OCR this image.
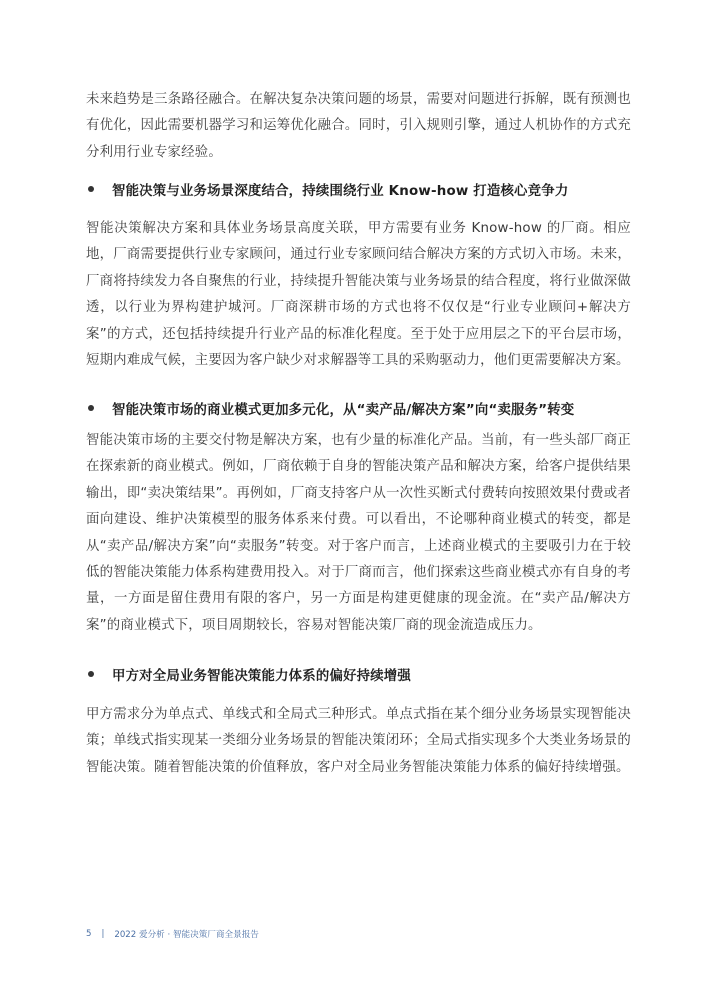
未来趋势是三条路径融合。在解决复杂决策问题的场景，需要对问题进行拆解，既有预测也有优化，因此需要机器学习和运筹优化融合。同时，引入规则引擎，通过人机协作的方式充分利用行业专家经验。

智能决策与业务场景深度结合，持续围绕行业 Know-how 打造核心竞争力

智能决策解决方案和具体业务场景高度关联，甲方需要有业务 Know-how 的厂商。相应地，厂商需要提供行业专家顾问，通过行业专家顾问结合解决方案的方式切入市场。未来，厂商将持续发力各自聚焦的行业，持续提升智能决策与业务场景的结合程度，将行业做深做透，以行业为界构建护城河。厂商深耕市场的方式也将不仅仅是“行业专业顾问+解决方案”的方式，还包括持续提升行业产品的标准化程度。至于处于应用层之下的平台层市场，短期内难成气候，主要因为客户缺少对求解器等工具的采购驱动力，他们更需要解决方案。

智能决策市场的商业模式更加多元化，从“卖产品/解决方案”向“卖服务”转变

智能决策市场的主要交付物是解决方案，也有少量的标准化产品。当前，有一些头部厂商正在探索新的商业模式。例如，厂商依赖于自身的智能决策产品和解决方案，给客户提供结果输出，即“卖决策结果”。再例如，厂商支持客户从一次性买断式付费转向按照效果付费或者面向建设、维护决策模型的服务体系来付费。可以看出，不论哪种商业模式的转变，都是从“卖产品/解决方案”向“卖服务”转变。对于客户而言，上述商业模式的主要吸引力在于较低的智能决策能力体系构建费用投入。对于厂商而言，他们探索这些商业模式亦有自身的考量，一方面是留住费用有限的客户，另一方面是构建更健康的现金流。在“卖产品/解决方案”的商业模式下，项目周期较长，容易对智能决策厂商的现金流造成压力。

甲方对全局业务智能决策能力体系的偏好持续增强

甲方需求分为单点式、单线式和全局式三种形式。单点式指在某个细分业务场景实现智能决策；单线式指实现某一类细分业务场景的智能决策闭环；全局式指实现多个大类业务场景的智能决策。随着智能决策的价值释放，客户对全局业务智能决策能力体系的偏好持续增强。

5 | 2022 爱分析 · 智能决策厂商全景报告
